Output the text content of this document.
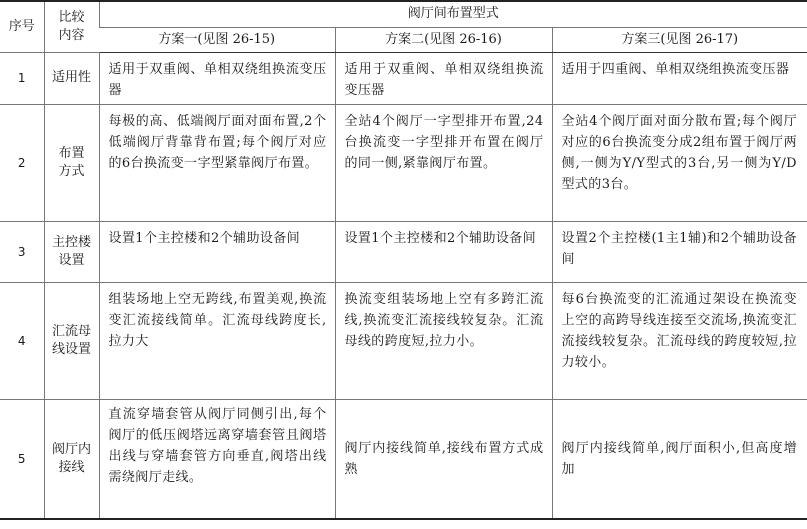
序号	比较内容	阀厅间布置型式		
		方案一(见图 26-15)	方案二(见图 26-16)	方案三(见图 26-17)
1	适用性	适用于双重阀、单相双绕组换流变压器	适用于双重阀、单相双绕组换流变压器	适用于四重阀、单相双绕组换流变压器
2	布置方式	每极的高、低端阀厅面对面布置,2个低端阀厅背靠背布置;每个阀厅对应的6台换流变一字型紧靠阀厅布置。	全站4个阀厅一字型排开布置,24台换流变一字型排开布置在阀厅的同一侧,紧靠阀厅布置。	全站4个阀厅面对面分散布置;每个阀厅对应的6台换流变分成2组布置于阀厅两侧,一侧为Y/Y型式的3台,另一侧为Y/D型式的3台。
3	主控楼设置	设置1个主控楼和2个辅助设备间	设置1个主控楼和2个辅助设备间	设置2个主控楼(1主1辅)和2个辅助设备间
4	汇流母线设置	组装场地上空无跨线,布置美观,换流变汇流接线简单。汇流母线跨度长,拉力大	换流变组装场地上空有多跨汇流线,换流变汇流接线较复杂。汇流母线的跨度短,拉力小。	每6台换流变的汇流通过架设在换流变上空的高跨导线连接至交流场,换流变汇流接线较复杂。汇流母线的跨度较短,拉力较小。
5	阀厅内接线	直流穿墙套管从阀厅同侧引出,每个阀厅的低压阀塔远离穿墙套管且阀塔出线与穿墙套管方向垂直,阀塔出线需绕阀厅走线。	阀厅内接线简单,接线布置方式成熟	阀厅内接线简单,阀厅面积小,但高度增加
